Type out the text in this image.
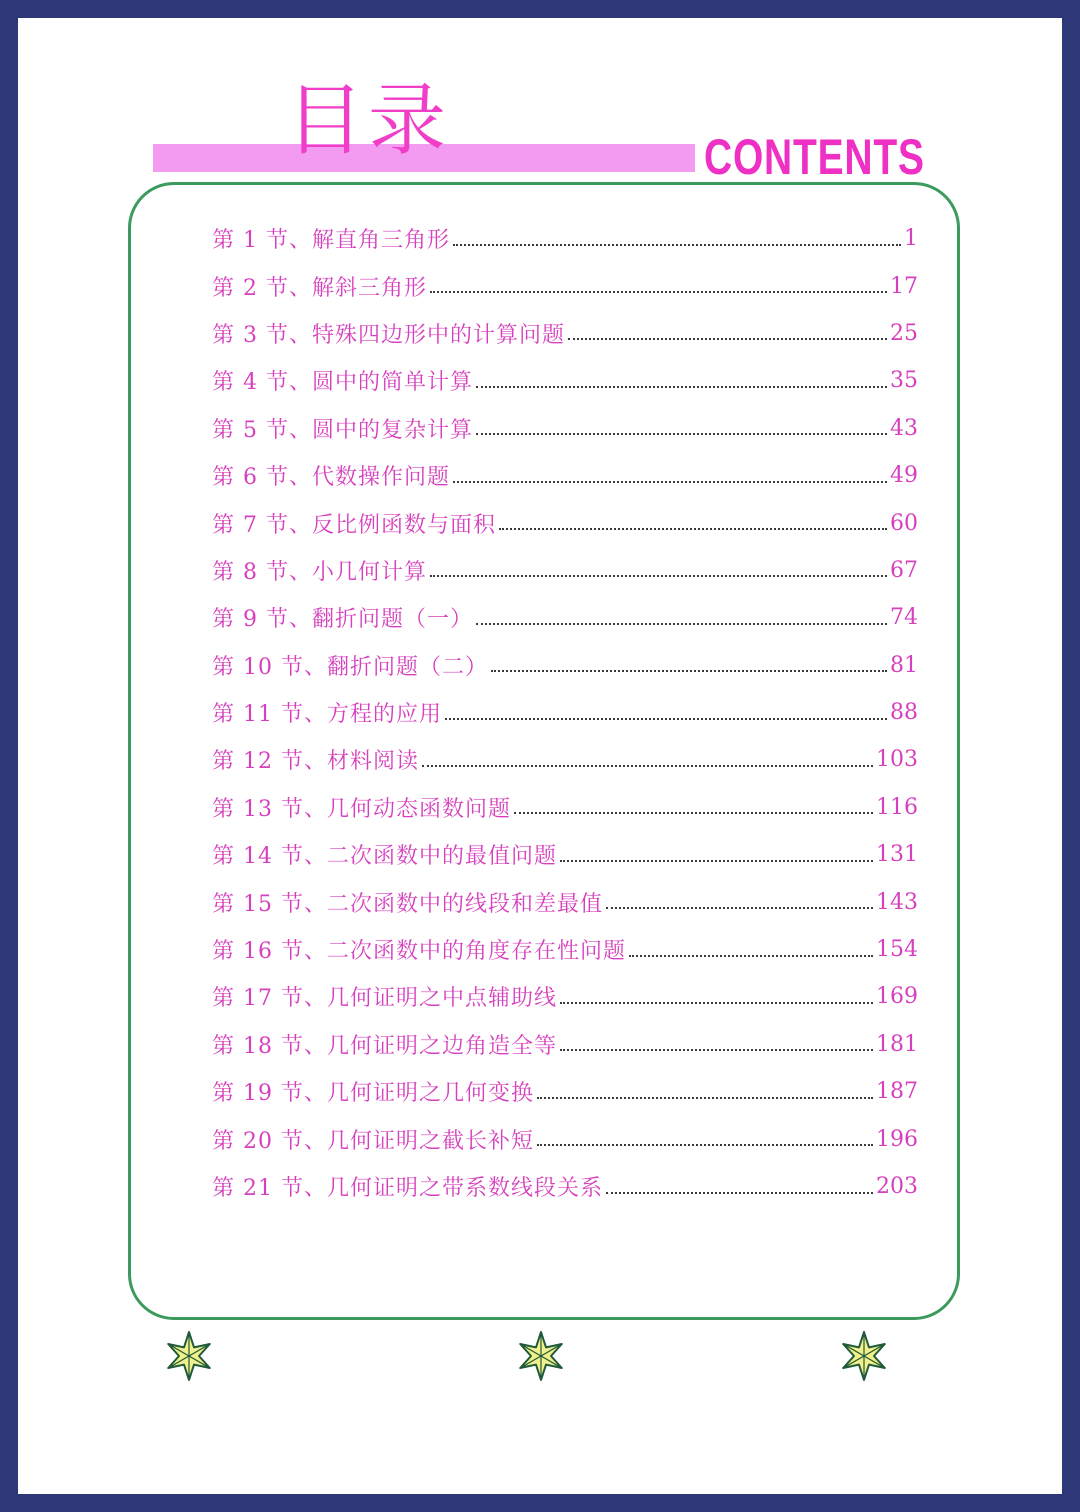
目录	CONTENTS
第 1 节、解直角三角形	1
第 2 节、解斜三角形	17
第 3 节、特殊四边形中的计算问题	25
第 4 节、圆中的简单计算	35
第 5 节、圆中的复杂计算	43
第 6 节、代数操作问题	49
第 7 节、反比例函数与面积	60
第 8 节、小几何计算	67
第 9 节、翻折问题（一）	74
第 10 节、翻折问题（二）	81
第 11 节、方程的应用	88
第 12 节、材料阅读	103
第 13 节、几何动态函数问题	116
第 14 节、二次函数中的最值问题	131
第 15 节、二次函数中的线段和差最值	143
第 16 节、二次函数中的角度存在性问题	154
第 17 节、几何证明之中点辅助线	169
第 18 节、几何证明之边角造全等	181
第 19 节、几何证明之几何变换	187
第 20 节、几何证明之截长补短	196
第 21 节、几何证明之带系数线段关系	203
